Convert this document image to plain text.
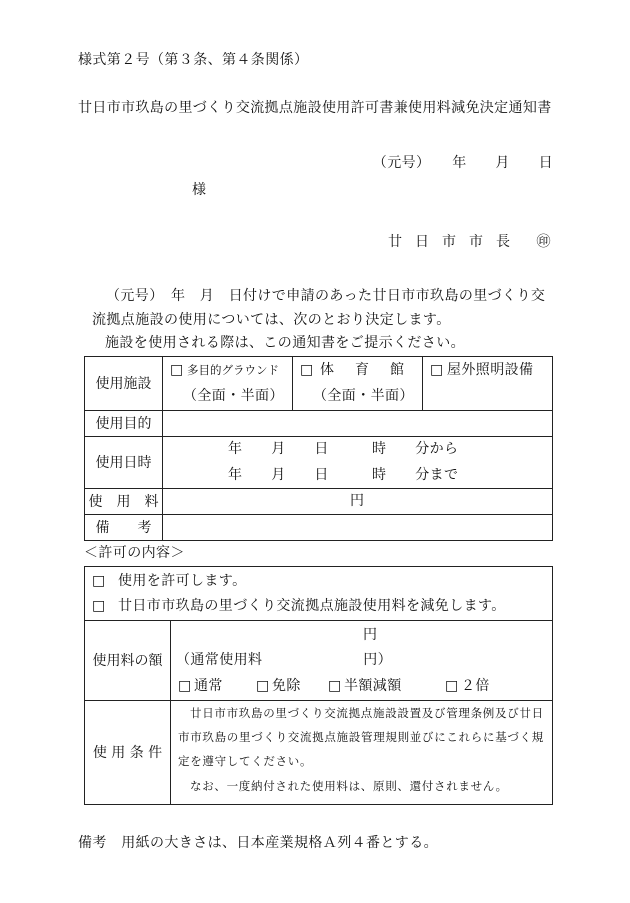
様式第２号（第３条、第４条関係）
廿日市市玖島の里づくり交流拠点施設使用許可書兼使用料減免決定通知書
（元号）　　年　　月　　日
様
廿　日　市　市　長　　㊞
（元号）　年　月　日付けで申請のあった廿日市市玖島の里づくり交
流拠点施設の使用については、次のとおり決定します。
施設を使用される際は、この通知書をご提示ください。
使用施設
使用目的
使用日時
使　用　料
備　　考
□ 多目的グラウンド
（全面・半面）
□ 体　育　館
（全面・半面）
□ 屋外照明設備
年　　月　　日　　　時　　分から
年　　月　　日　　　時　　分まで
円
＜許可の内容＞
□ 使用を許可します。
□ 廿日市市玖島の里づくり交流拠点施設使用料を減免します。
使用料の額
円
（通常使用料　　　　　　　円）
□ 通常 □ 免除 □ 半額減額	□ ２倍
使 用 条 件
廿日市市玖島の里づくり交流拠点施設設置及び管理条例及び廿日
市市玖島の里づくり交流拠点施設管理規則並びにこれらに基づく規
定を遵守してください。
なお、一度納付された使用料は、原則、還付されません。
備考　用紙の大きさは、日本産業規格Ａ列４番とする。
